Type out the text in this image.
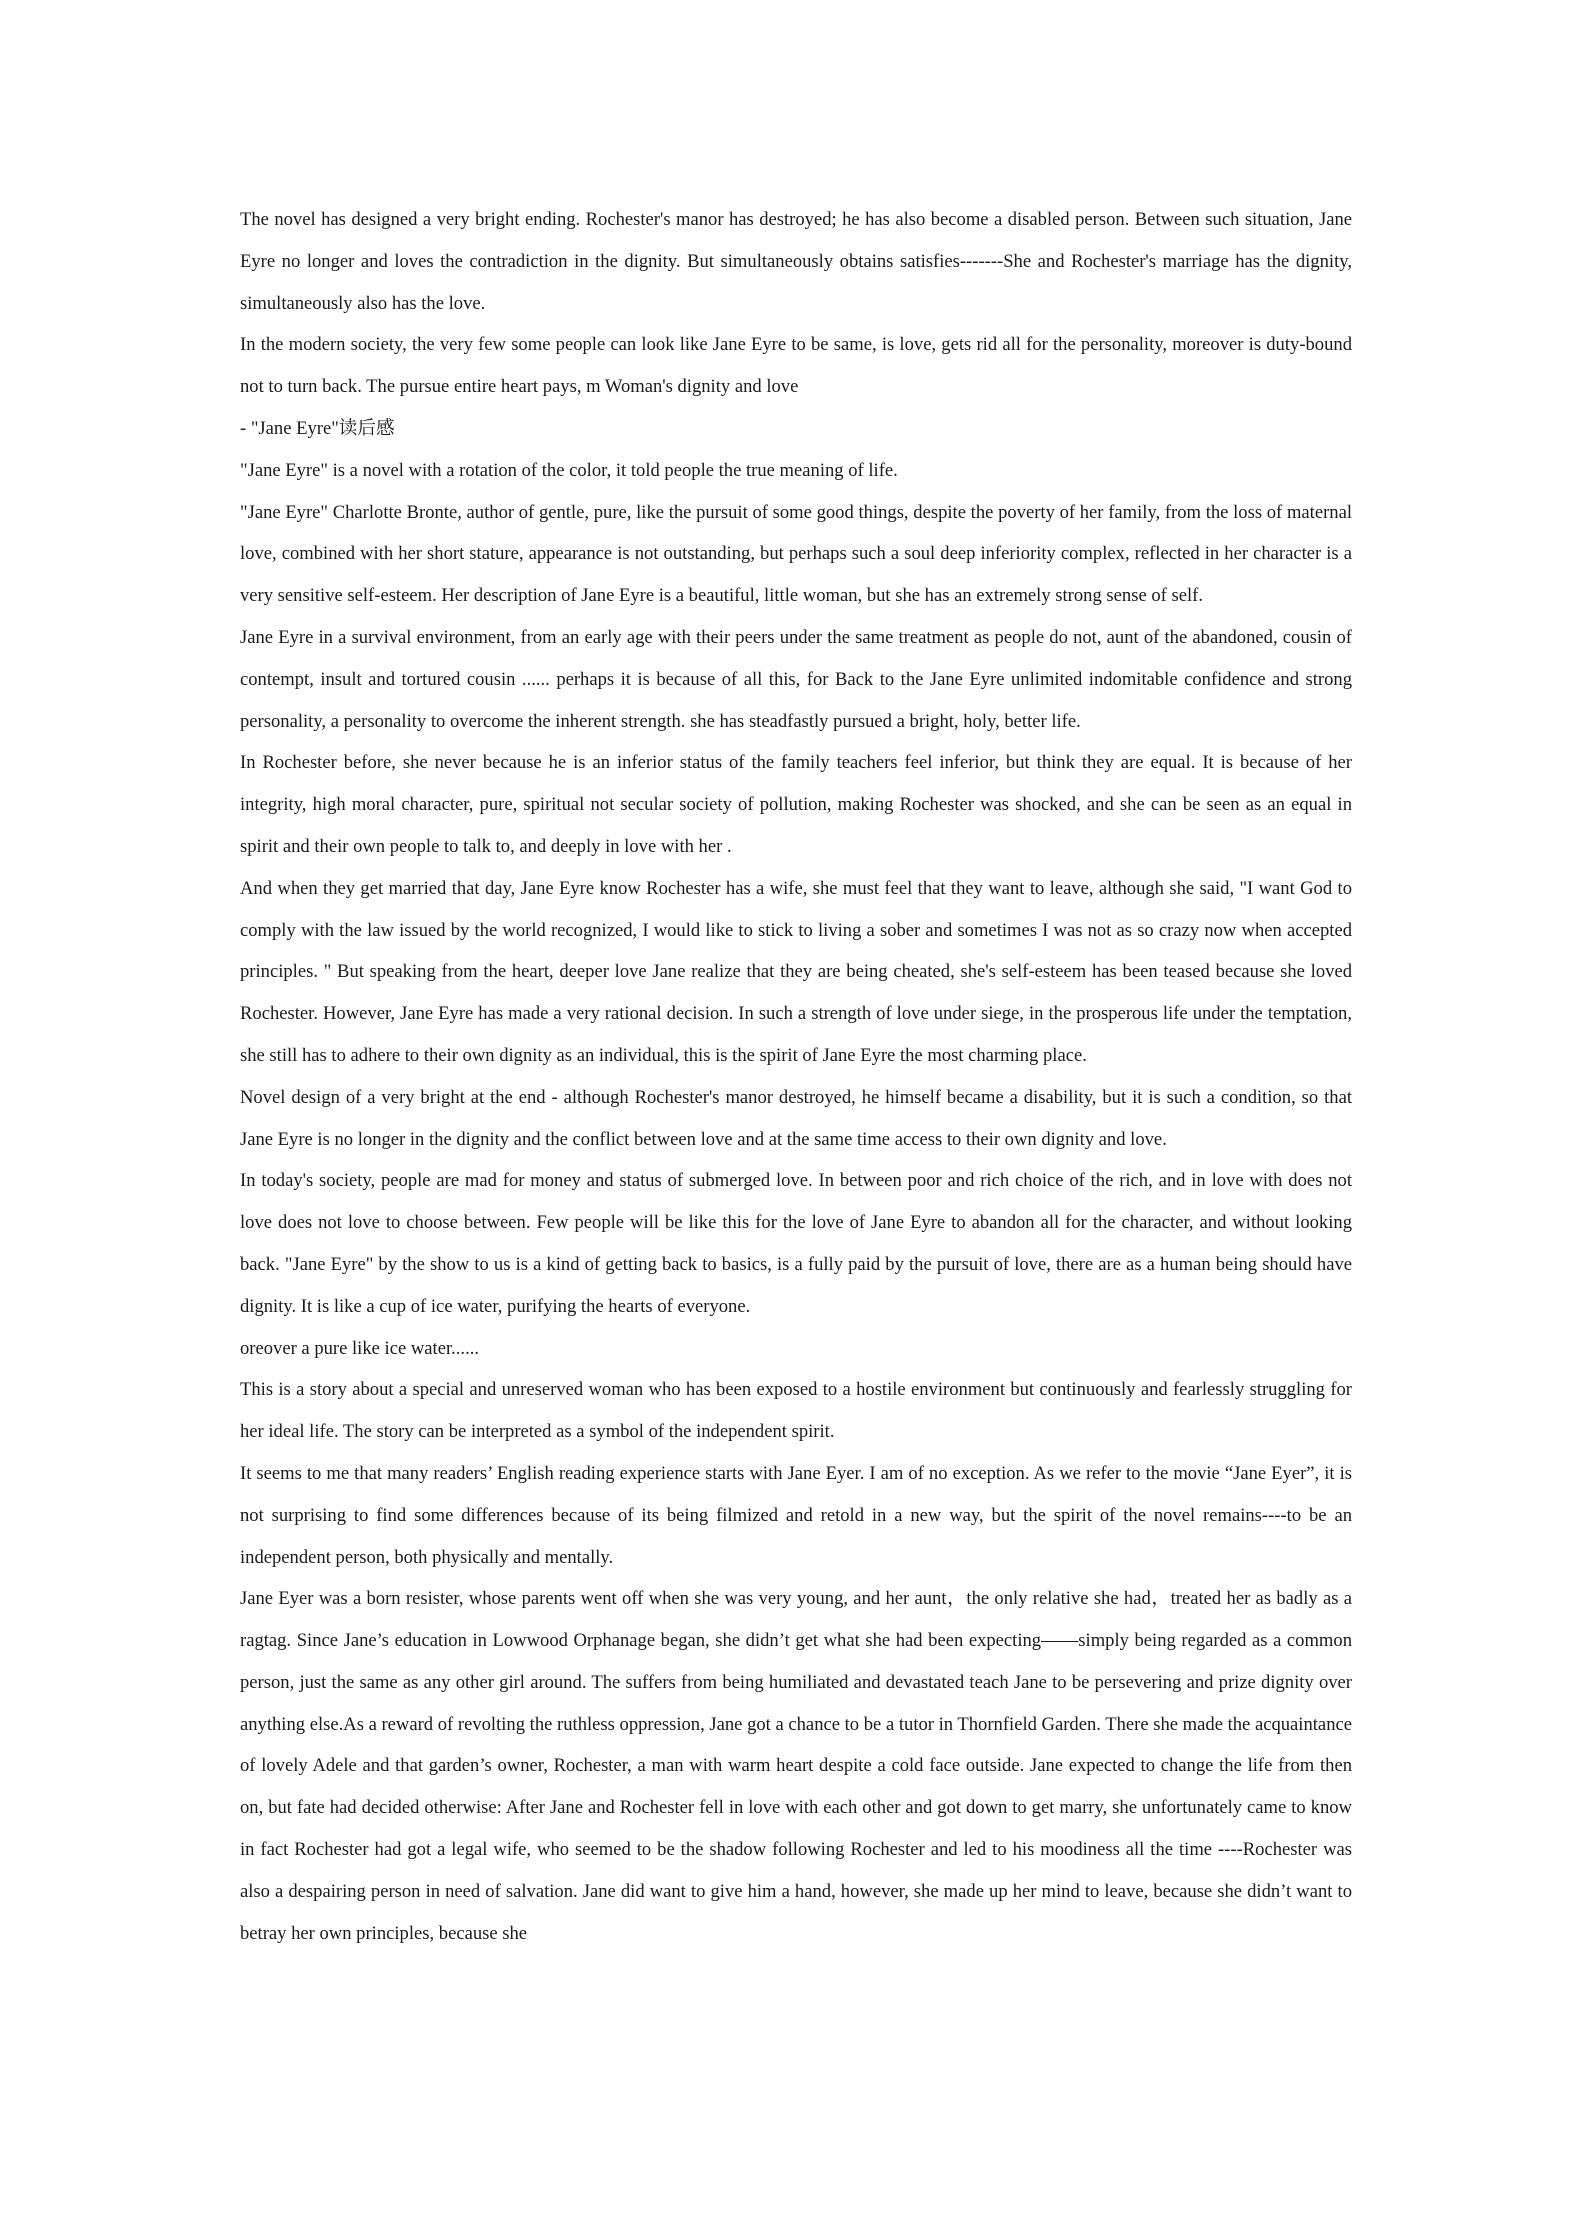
The novel has designed a very bright ending. Rochester's manor has destroyed; he has also become a disabled person. Between such situation, Jane Eyre no longer and loves the contradiction in the dignity. But simultaneously obtains satisfies-------She and Rochester's marriage has the dignity, simultaneously also has the love.

In the modern society, the very few some people can look like Jane Eyre to be same, is love, gets rid all for the personality, moreover is duty-bound not to turn back. The pursue entire heart pays, m Woman's dignity and love

- "Jane Eyre"读后感

"Jane Eyre" is a novel with a rotation of the color, it told people the true meaning of life.

"Jane Eyre" Charlotte Bronte, author of gentle, pure, like the pursuit of some good things, despite the poverty of her family, from the loss of maternal love, combined with her short stature, appearance is not outstanding, but perhaps such a soul deep inferiority complex, reflected in her character is a very sensitive self-esteem. Her description of Jane Eyre is a beautiful, little woman, but she has an extremely strong sense of self.

Jane Eyre in a survival environment, from an early age with their peers under the same treatment as people do not, aunt of the abandoned, cousin of contempt, insult and tortured cousin ...... perhaps it is because of all this, for Back to the Jane Eyre unlimited indomitable confidence and strong personality, a personality to overcome the inherent strength. she has steadfastly pursued a bright, holy, better life.

In Rochester before, she never because he is an inferior status of the family teachers feel inferior, but think they are equal. It is because of her integrity, high moral character, pure, spiritual not secular society of pollution, making Rochester was shocked, and she can be seen as an equal in spirit and their own people to talk to, and deeply in love with her .

And when they get married that day, Jane Eyre know Rochester has a wife, she must feel that they want to leave, although she said, "I want God to comply with the law issued by the world recognized, I would like to stick to living a sober and sometimes I was not as so crazy now when accepted principles. " But speaking from the heart, deeper love Jane realize that they are being cheated, she's self-esteem has been teased because she loved Rochester. However, Jane Eyre has made a very rational decision. In such a strength of love under siege, in the prosperous life under the temptation, she still has to adhere to their own dignity as an individual, this is the spirit of Jane Eyre the most charming place.

Novel design of a very bright at the end - although Rochester's manor destroyed, he himself became a disability, but it is such a condition, so that Jane Eyre is no longer in the dignity and the conflict between love and at the same time access to their own dignity and love.

In today's society, people are mad for money and status of submerged love. In between poor and rich choice of the rich, and in love with does not love does not love to choose between. Few people will be like this for the love of Jane Eyre to abandon all for the character, and without looking back. "Jane Eyre" by the show to us is a kind of getting back to basics, is a fully paid by the pursuit of love, there are as a human being should have dignity. It is like a cup of ice water, purifying the hearts of everyone.

oreover a pure like ice water......

This is a story about a special and unreserved woman who has been exposed to a hostile environment but continuously and fearlessly struggling for her ideal life. The story can be interpreted as a symbol of the independent spirit.

It seems to me that many readers’ English reading experience starts with Jane Eyer. I am of no exception. As we refer to the movie “Jane Eyer”, it is not surprising to find some differences because of its being filmized and retold in a new way, but the spirit of the novel remains----to be an independent person, both physically and mentally.

Jane Eyer was a born resister, whose parents went off when she was very young, and her aunt，the only relative she had，treated her as badly as a ragtag. Since Jane’s education in Lowwood Orphanage began, she didn’t get what she had been expecting——simply being regarded as a common person, just the same as any other girl around. The suffers from being humiliated and devastated teach Jane to be persevering and prize dignity over anything else.As a reward of revolting the ruthless oppression, Jane got a chance to be a tutor in Thornfield Garden. There she made the acquaintance of lovely Adele and that garden’s owner, Rochester, a man with warm heart despite a cold face outside. Jane expected to change the life from then on, but fate had decided otherwise: After Jane and Rochester fell in love with each other and got down to get marry, she unfortunately came to know in fact Rochester had got a legal wife, who seemed to be the shadow following Rochester and led to his moodiness all the time ----Rochester was also a despairing person in need of salvation. Jane did want to give him a hand, however, she made up her mind to leave, because she didn’t want to betray her own principles, because she
